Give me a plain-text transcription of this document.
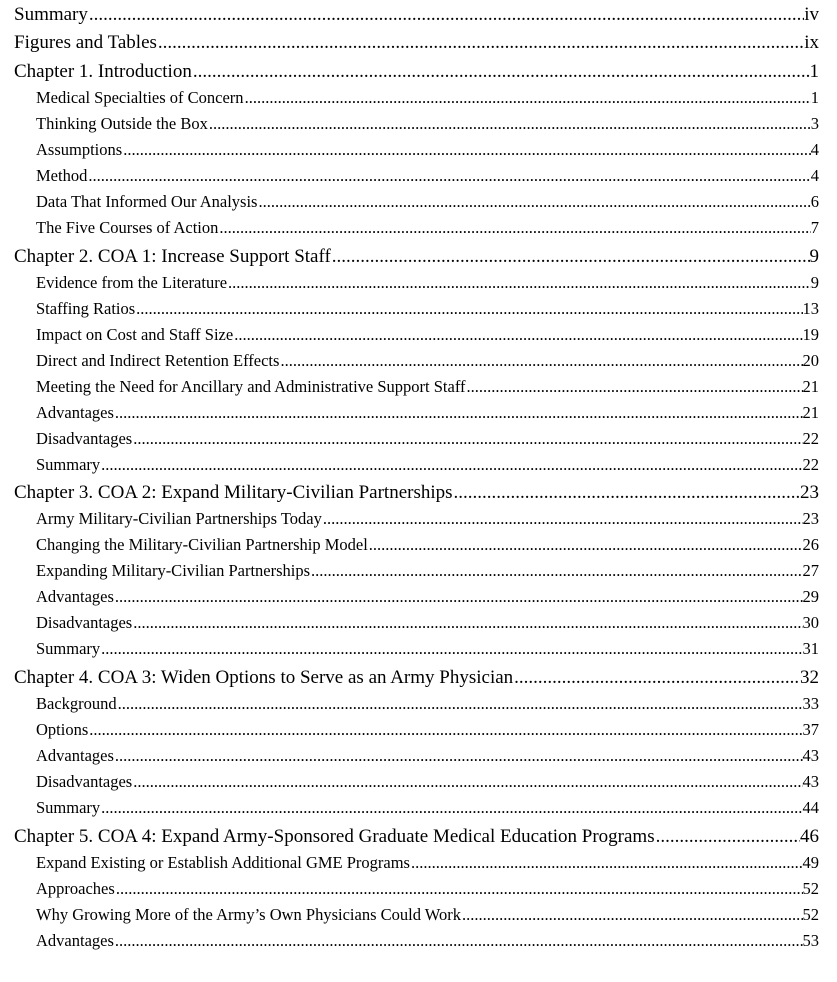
Summary .....	iv
Figures and Tables .....	ix
Chapter 1. Introduction .....	1
Medical Specialties of Concern .....	1
Thinking Outside the Box .....	3
Assumptions .....	4
Method .....	4
Data That Informed Our Analysis .....	6
The Five Courses of Action .....	7
Chapter 2. COA 1: Increase Support Staff .....	9
Evidence from the Literature .....	9
Staffing Ratios .....	13
Impact on Cost and Staff Size .....	19
Direct and Indirect Retention Effects .....	20
Meeting the Need for Ancillary and Administrative Support Staff .....	21
Advantages .....	21
Disadvantages .....	22
Summary .....	22
Chapter 3. COA 2: Expand Military-Civilian Partnerships .....	23
Army Military-Civilian Partnerships Today .....	23
Changing the Military-Civilian Partnership Model .....	26
Expanding Military-Civilian Partnerships .....	27
Advantages .....	29
Disadvantages .....	30
Summary .....	31
Chapter 4. COA 3: Widen Options to Serve as an Army Physician .....	32
Background .....	33
Options .....	37
Advantages .....	43
Disadvantages .....	43
Summary .....	44
Chapter 5. COA 4: Expand Army-Sponsored Graduate Medical Education Programs .....	46
Expand Existing or Establish Additional GME Programs .....	49
Approaches .....	52
Why Growing More of the Army’s Own Physicians Could Work .....	52
Advantages .....	53
